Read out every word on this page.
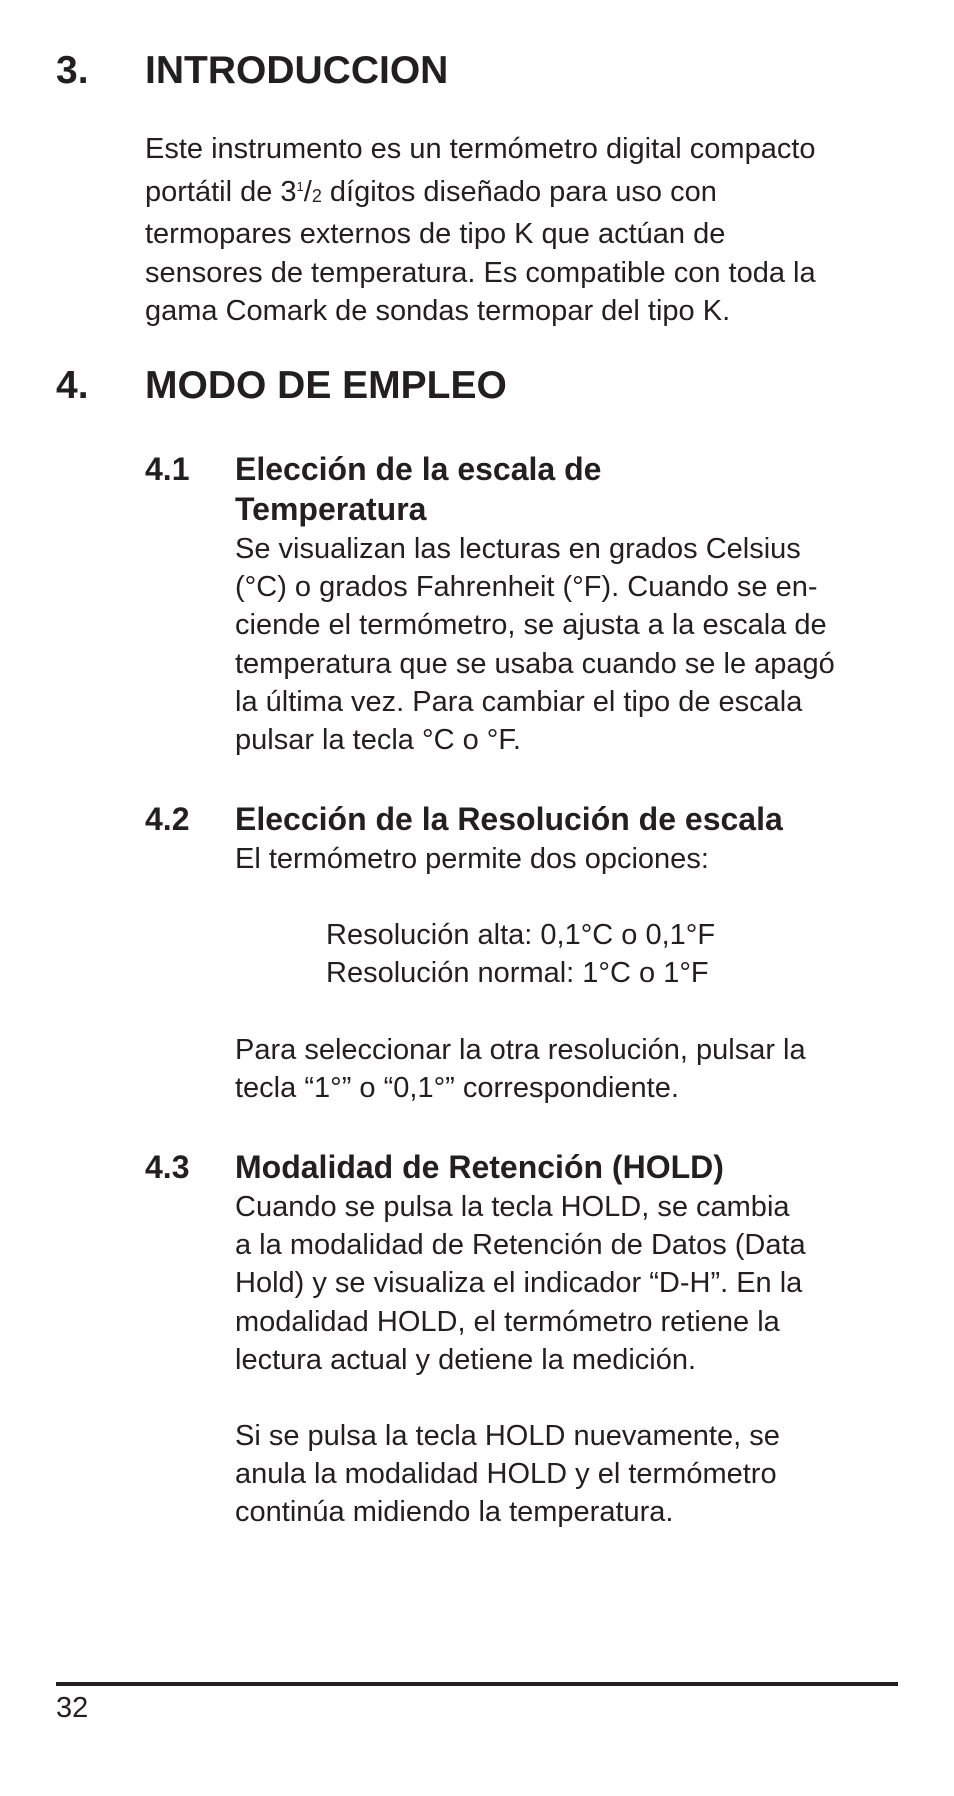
3. INTRODUCCION
Este instrumento es un termómetro digital compacto
portátil de $3^1/_2$ dígitos diseñado para uso con
termopares externos de tipo K que actúan de
sensores de temperatura. Es compatible con toda la
gama Comark de sondas termopar del tipo K.
4. MODO DE EMPLEO
4.1 Elección de la escala de
Temperatura
Se visualizan las lecturas en grados Celsius
(°C) o grados Fahrenheit (°F). Cuando se en-
ciende el termómetro, se ajusta a la escala de
temperatura que se usaba cuando se le apagó
la última vez. Para cambiar el tipo de escala
pulsar la tecla °C o °F.
4.2 Elección de la Resolución de escala
El termómetro permite dos opciones:
Resolución alta: 0,1°C o 0,1°F
Resolución normal: 1°C o 1°F
Para seleccionar la otra resolución, pulsar la
tecla “1°” o “0,1°” correspondiente.
4.3 Modalidad de Retención (HOLD)
Cuando se pulsa la tecla HOLD, se cambia
a la modalidad de Retención de Datos (Data
Hold) y se visualiza el indicador “D-H”. En la
modalidad HOLD, el termómetro retiene la
lectura actual y detiene la medición.
Si se pulsa la tecla HOLD nuevamente, se
anula la modalidad HOLD y el termómetro
continúa midiendo la temperatura.
32
